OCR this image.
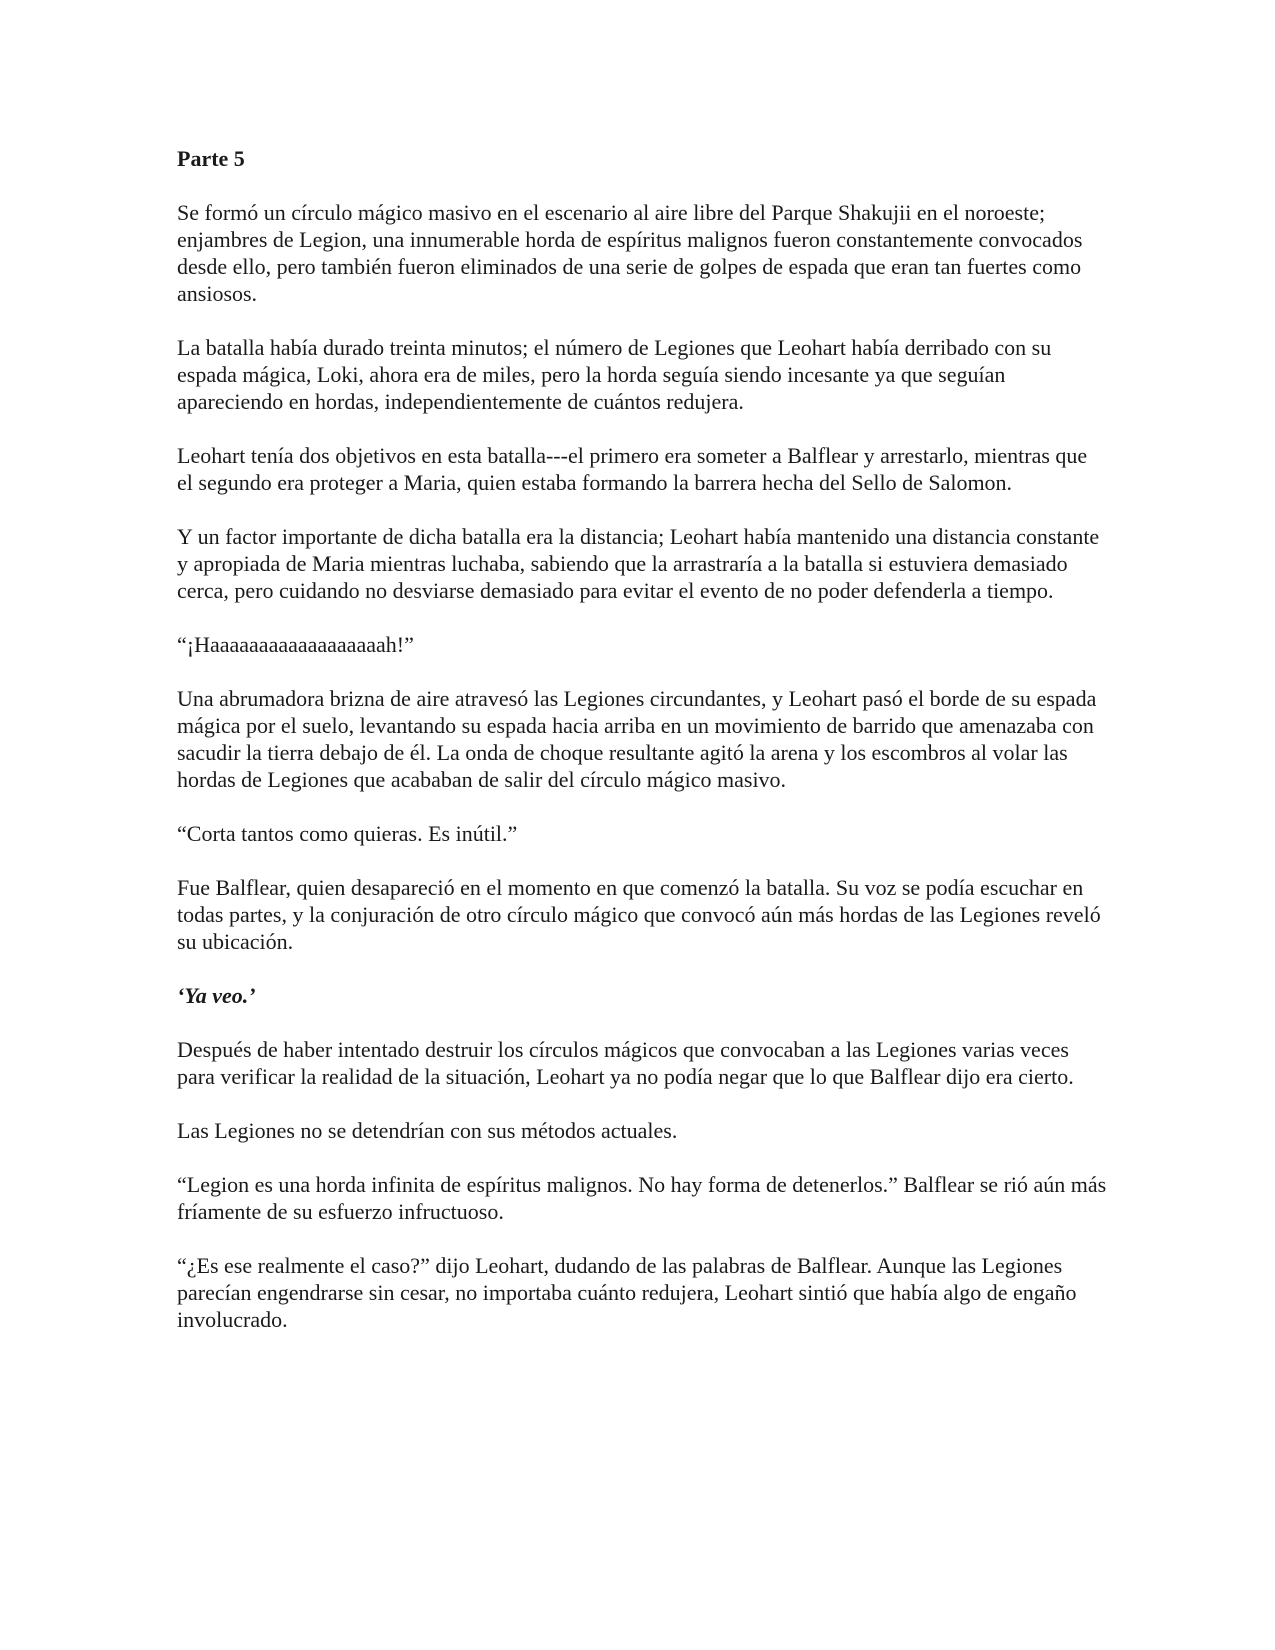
Parte 5

Se formó un círculo mágico masivo en el escenario al aire libre del Parque Shakujii en el noroeste; enjambres de Legion, una innumerable horda de espíritus malignos fueron constantemente convocados desde ello, pero también fueron eliminados de una serie de golpes de espada que eran tan fuertes como ansiosos.

La batalla había durado treinta minutos; el número de Legiones que Leohart había derribado con su espada mágica, Loki, ahora era de miles, pero la horda seguía siendo incesante ya que seguían apareciendo en hordas, independientemente de cuántos redujera.

Leohart tenía dos objetivos en esta batalla---el primero era someter a Balflear y arrestarlo, mientras que el segundo era proteger a Maria, quien estaba formando la barrera hecha del Sello de Salomon.

Y un factor importante de dicha batalla era la distancia; Leohart había mantenido una distancia constante y apropiada de Maria mientras luchaba, sabiendo que la arrastraría a la batalla si estuviera demasiado cerca, pero cuidando no desviarse demasiado para evitar el evento de no poder defenderla a tiempo.

“¡Haaaaaaaaaaaaaaaaaah!”

Una abrumadora brizna de aire atravesó las Legiones circundantes, y Leohart pasó el borde de su espada mágica por el suelo, levantando su espada hacia arriba en un movimiento de barrido que amenazaba con sacudir la tierra debajo de él. La onda de choque resultante agitó la arena y los escombros al volar las hordas de Legiones que acababan de salir del círculo mágico masivo.

“Corta tantos como quieras. Es inútil.”

Fue Balflear, quien desapareció en el momento en que comenzó la batalla. Su voz se podía escuchar en todas partes, y la conjuración de otro círculo mágico que convocó aún más hordas de las Legiones reveló su ubicación.

‘Ya veo.’

Después de haber intentado destruir los círculos mágicos que convocaban a las Legiones varias veces para verificar la realidad de la situación, Leohart ya no podía negar que lo que Balflear dijo era cierto.

Las Legiones no se detendrían con sus métodos actuales.

“Legion es una horda infinita de espíritus malignos. No hay forma de detenerlos.” Balflear se rió aún más fríamente de su esfuerzo infructuoso.

“¿Es ese realmente el caso?” dijo Leohart, dudando de las palabras de Balflear. Aunque las Legiones parecían engendrarse sin cesar, no importaba cuánto redujera, Leohart sintió que había algo de engaño involucrado.
